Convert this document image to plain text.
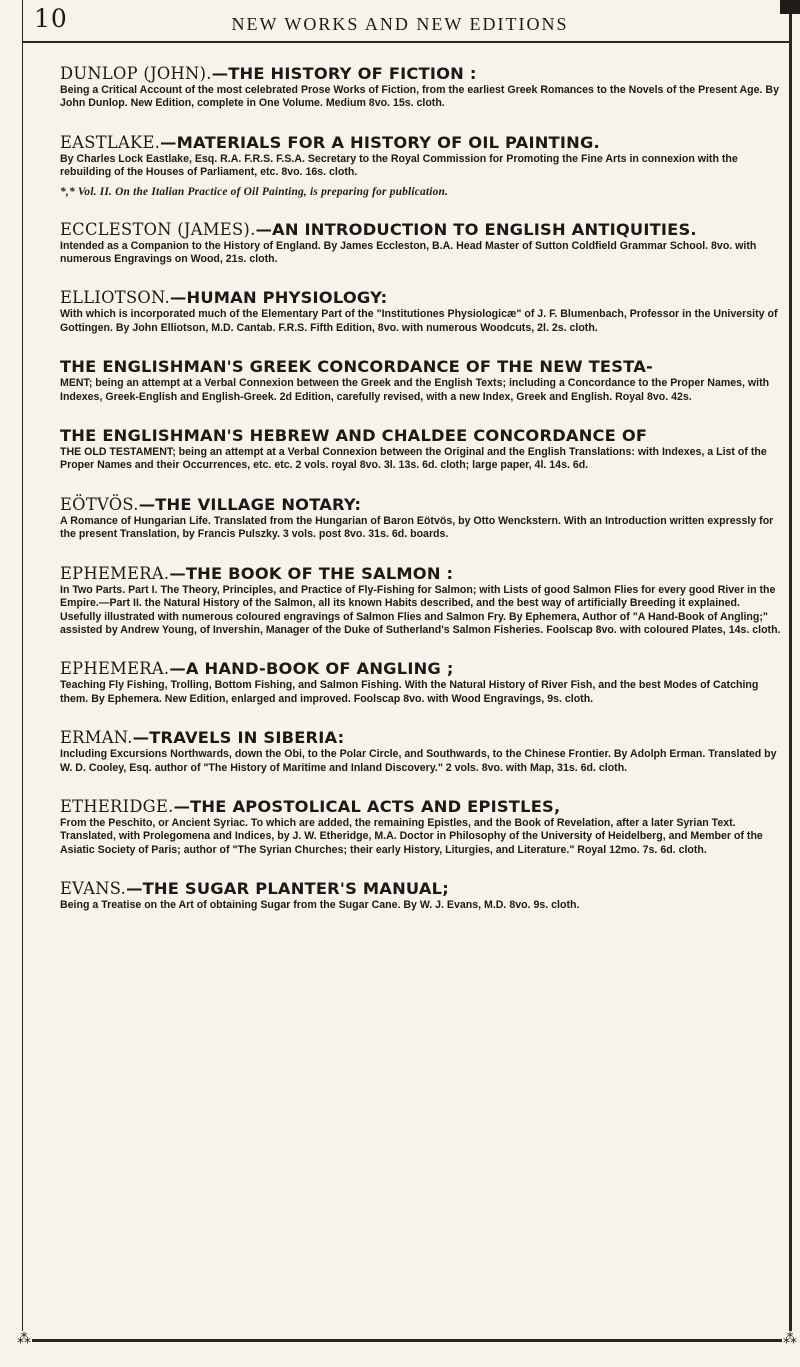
10	NEW WORKS AND NEW EDITIONS
DUNLOP (JOHN).—THE HISTORY OF FICTION :
Being a Critical Account of the most celebrated Prose Works of Fiction, from the earliest Greek Romances to the Novels of the Present Age. By John Dunlop. New Edition, complete in One Volume. Medium 8vo. 15s. cloth.
EASTLAKE.—MATERIALS FOR A HISTORY OF OIL PAINTING.
By Charles Lock Eastlake, Esq. R.A. F.R.S. F.S.A. Secretary to the Royal Commission for Promoting the Fine Arts in connexion with the rebuilding of the Houses of Parliament, etc. 8vo. 16s. cloth.
*,* Vol. II. On the Italian Practice of Oil Painting, is preparing for publication.
ECCLESTON (JAMES).—AN INTRODUCTION TO ENGLISH ANTIQUITIES.
Intended as a Companion to the History of England. By James Eccleston, B.A. Head Master of Sutton Coldfield Grammar School. 8vo. with numerous Engravings on Wood, 21s. cloth.
ELLIOTSON.—HUMAN PHYSIOLOGY:
With which is incorporated much of the Elementary Part of the "Institutiones Physiologicæ" of J. F. Blumenbach, Professor in the University of Gottingen. By John Elliotson, M.D. Cantab. F.R.S. Fifth Edition, 8vo. with numerous Woodcuts, 2l. 2s. cloth.
THE ENGLISHMAN'S GREEK CONCORDANCE OF THE NEW TESTA-
MENT; being an attempt at a Verbal Connexion between the Greek and the English Texts; including a Concordance to the Proper Names, with Indexes, Greek-English and English-Greek. 2d Edition, carefully revised, with a new Index, Greek and English. Royal 8vo. 42s.
THE ENGLISHMAN'S HEBREW AND CHALDEE CONCORDANCE OF
THE OLD TESTAMENT; being an attempt at a Verbal Connexion between the Original and the English Translations: with Indexes, a List of the Proper Names and their Occurrences, etc. etc. 2 vols. royal 8vo. 3l. 13s. 6d. cloth; large paper, 4l. 14s. 6d.
EÖTVÖS.—THE VILLAGE NOTARY:
A Romance of Hungarian Life. Translated from the Hungarian of Baron Eötvös, by Otto Wenckstern. With an Introduction written expressly for the present Translation, by Francis Pulszky. 3 vols. post 8vo. 31s. 6d. boards.
EPHEMERA.—THE BOOK OF THE SALMON :
In Two Parts. Part I. The Theory, Principles, and Practice of Fly-Fishing for Salmon; with Lists of good Salmon Flies for every good River in the Empire.—Part II. the Natural History of the Salmon, all its known Habits described, and the best way of artificially Breeding it explained. Usefully illustrated with numerous coloured engravings of Salmon Flies and Salmon Fry. By Ephemera, Author of "A Hand-Book of Angling;" assisted by Andrew Young, of Invershin, Manager of the Duke of Sutherland's Salmon Fisheries. Foolscap 8vo. with coloured Plates, 14s. cloth.
EPHEMERA.—A HAND-BOOK OF ANGLING ;
Teaching Fly Fishing, Trolling, Bottom Fishing, and Salmon Fishing. With the Natural History of River Fish, and the best Modes of Catching them. By Ephemera. New Edition, enlarged and improved. Foolscap 8vo. with Wood Engravings, 9s. cloth.
ERMAN.—TRAVELS IN SIBERIA:
Including Excursions Northwards, down the Obi, to the Polar Circle, and Southwards, to the Chinese Frontier. By Adolph Erman. Translated by W. D. Cooley, Esq. author of "The History of Maritime and Inland Discovery." 2 vols. 8vo. with Map, 31s. 6d. cloth.
ETHERIDGE.—THE APOSTOLICAL ACTS AND EPISTLES,
From the Peschito, or Ancient Syriac. To which are added, the remaining Epistles, and the Book of Revelation, after a later Syrian Text. Translated, with Prolegomena and Indices, by J. W. Etheridge, M.A. Doctor in Philosophy of the University of Heidelberg, and Member of the Asiatic Society of Paris; author of "The Syrian Churches; their early History, Liturgies, and Literature." Royal 12mo. 7s. 6d. cloth.
EVANS.—THE SUGAR PLANTER'S MANUAL;
Being a Treatise on the Art of obtaining Sugar from the Sugar Cane. By W. J. Evans, M.D. 8vo. 9s. cloth.
⁂	⁂
